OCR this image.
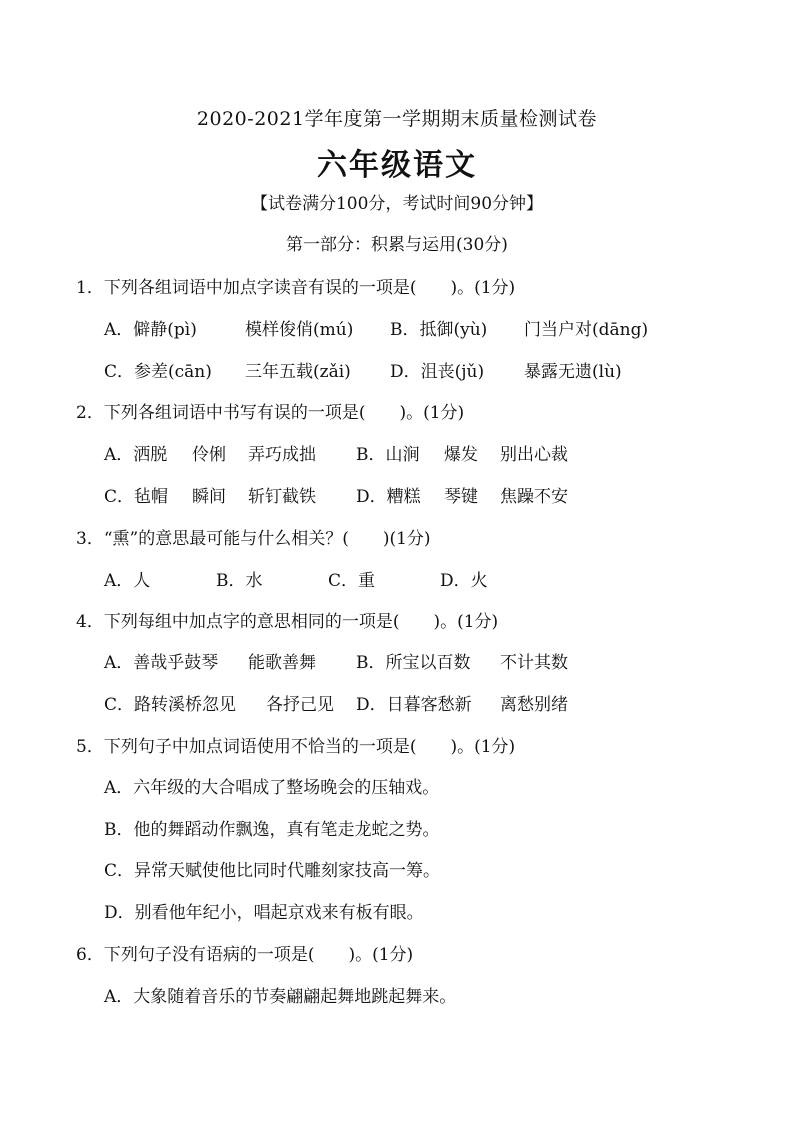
2020-2021学年度第一学期期末质量检测试卷
六年级语文
【试卷满分100分，考试时间90分钟】
第一部分：积累与运用(30分)
1．下列各组词语中加点字读音有误的一项是(　　)。(1分)
A．僻静(pì)	模样俊俏(mú) B．抵御(yù) 门当户对(dāng)
C．参差(cān) 三年五载(zǎi) D．沮丧(jǔ) 暴露无遗(lù)
2．下列各组词语中书写有误的一项是(　　)。(1分)
A．洒脱 伶俐 弄巧成拙 B．山涧 爆发 别出心裁
C．毡帽 瞬间 斩钉截铁 D．糟糕 琴键 焦躁不安
3．“熏”的意思最可能与什么相关？(　　)(1分)
A．人	B．水	C．重	D．火
4．下列每组中加点字的意思相同的一项是(　　)。(1分)
A．善哉乎鼓琴 能歌善舞 B．所宝以百数 不计其数
C．路转溪桥忽见 各抒己见 D．日暮客愁新 离愁别绪
5．下列句子中加点词语使用不恰当的一项是(　　)。(1分)
A．六年级的大合唱成了整场晚会的压轴戏。
B．他的舞蹈动作飘逸，真有笔走龙蛇之势。
C．异常天赋使他比同时代雕刻家技高一筹。
D．别看他年纪小，唱起京戏来有板有眼。
6．下列句子没有语病的一项是(　　)。(1分)
A．大象随着音乐的节奏翩翩起舞地跳起舞来。
